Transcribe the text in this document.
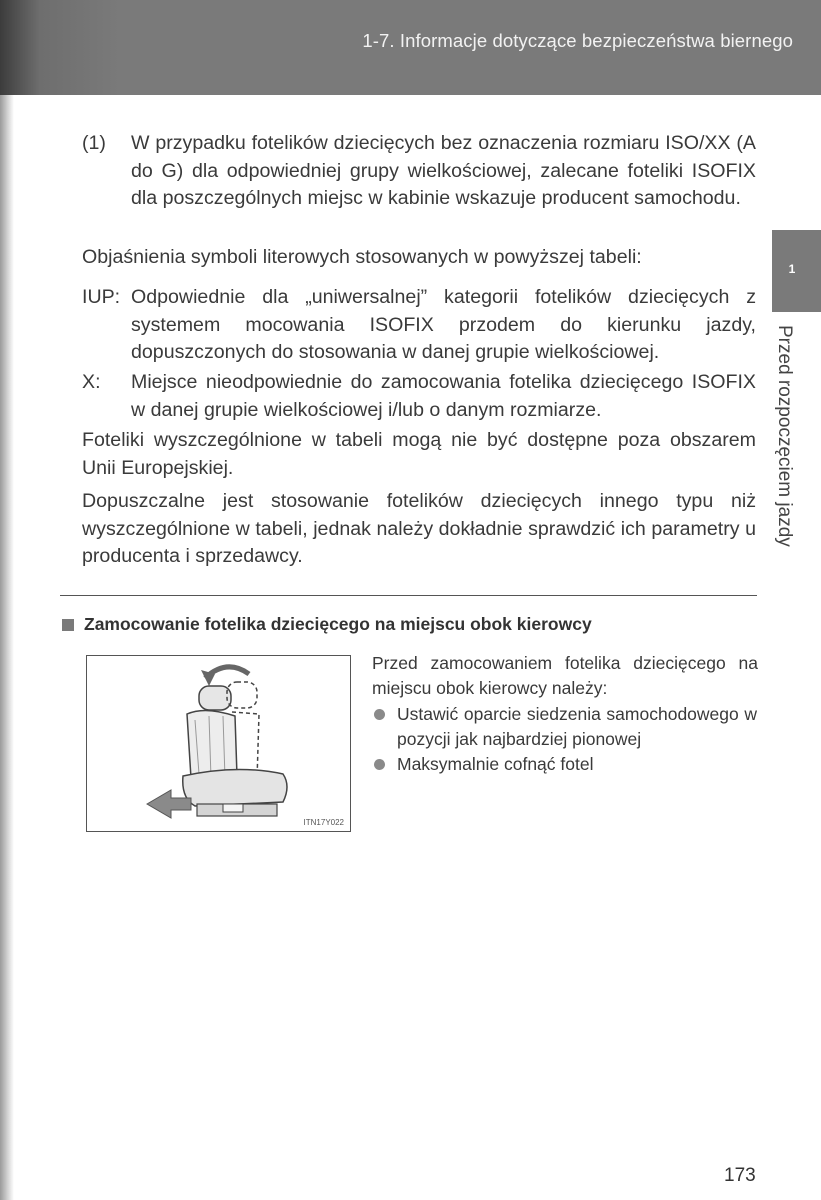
1-7. Informacje dotyczące bezpieczeństwa biernego
1
Przed rozpoczęciem jazdy
(1) W przypadku fotelików dziecięcych bez oznaczenia rozmiaru ISO/XX (A do G) dla odpowiedniej grupy wielkościowej, zalecane foteliki ISOFIX dla poszczególnych miejsc w kabinie wskazuje producent samochodu.
Objaśnienia symboli literowych stosowanych w powyższej tabeli:
IUP: Odpowiednie dla „uniwersalnej” kategorii fotelików dziecięcych z systemem mocowania ISOFIX przodem do kierunku jazdy, dopuszczonych do stosowania w danej grupie wielkościowej.
X: Miejsce nieodpowiednie do zamocowania fotelika dziecięcego ISOFIX w danej grupie wielkościowej i/lub o danym rozmiarze.
Foteliki wyszczególnione w tabeli mogą nie być dostępne poza obszarem Unii Europejskiej.
Dopuszczalne jest stosowanie fotelików dziecięcych innego typu niż wyszczególnione w tabeli, jednak należy dokładnie sprawdzić ich parametry u producenta i sprzedawcy.
Zamocowanie fotelika dziecięcego na miejscu obok kierowcy
ITN17Y022
Przed zamocowaniem fotelika dziecięcego na miejscu obok kierowcy należy:
Ustawić oparcie siedzenia samochodowego w pozycji jak najbardziej pionowej
Maksymalnie cofnąć fotel
173
